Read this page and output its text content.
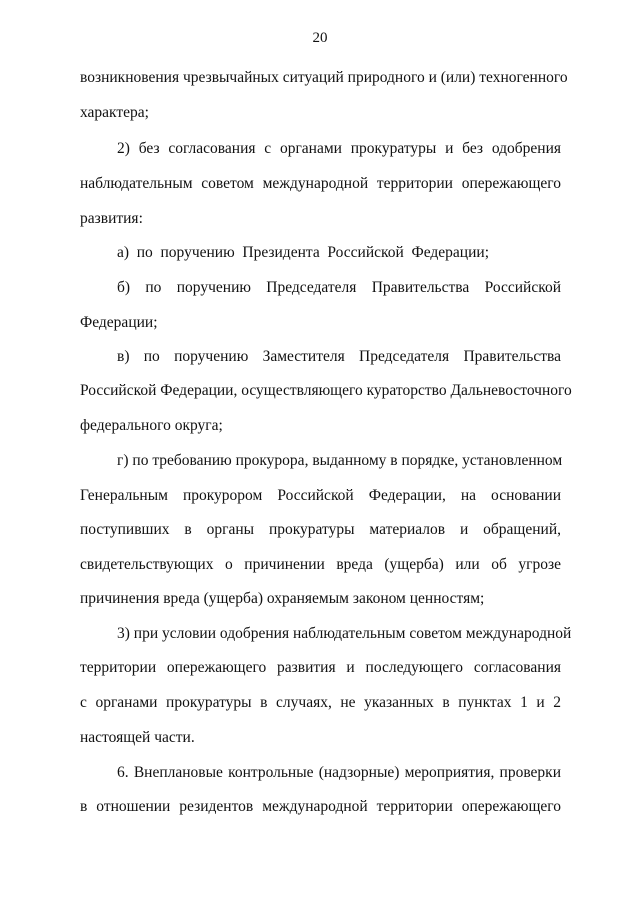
20
возникновения чрезвычайных ситуаций природного и (или) техногенного
характера;
2) без согласования с органами прокуратуры и без одобрения
наблюдательным советом международной территории опережающего
развития:
а) по поручению Президента Российской Федерации;
б) по поручению Председателя Правительства Российской
Федерации;
в) по поручению Заместителя Председателя Правительства
Российской Федерации, осуществляющего кураторство Дальневосточного
федерального округа;
г) по требованию прокурора, выданному в порядке, установленном
Генеральным прокурором Российской Федерации, на основании
поступивших в органы прокуратуры материалов и обращений,
свидетельствующих о причинении вреда (ущерба) или об угрозе
причинения вреда (ущерба) охраняемым законом ценностям;
3) при условии одобрения наблюдательным советом международной
территории опережающего развития и последующего согласования
с органами прокуратуры в случаях, не указанных в пунктах 1 и 2
настоящей части.
6. Внеплановые контрольные (надзорные) мероприятия, проверки
в отношении резидентов международной территории опережающего
